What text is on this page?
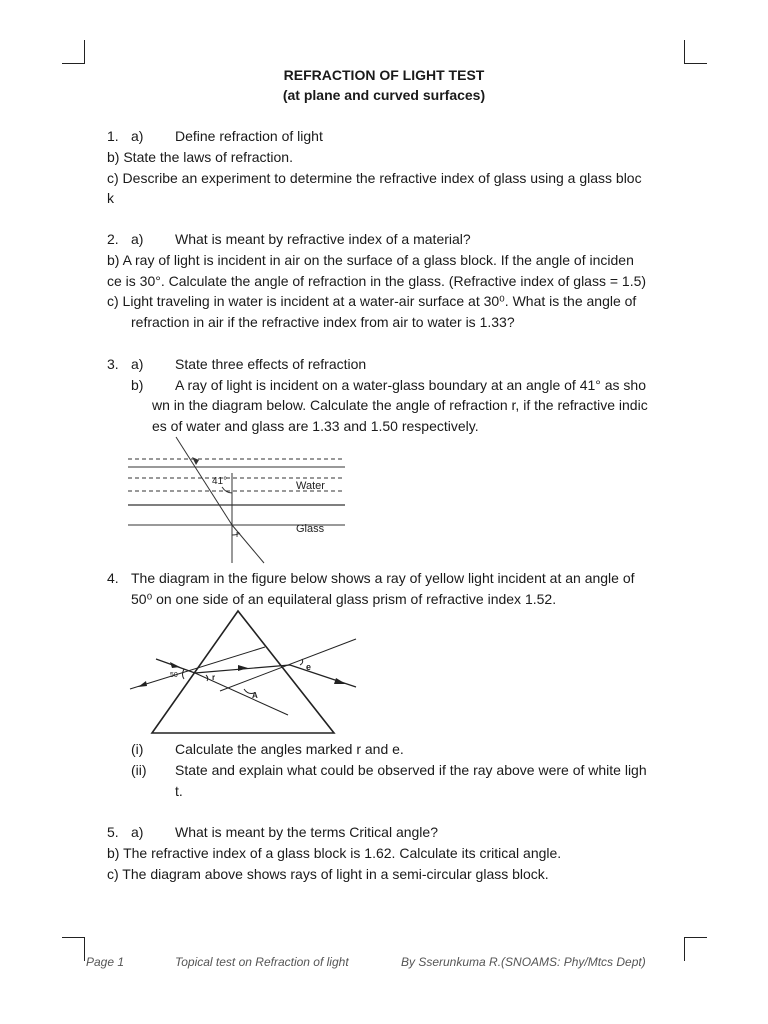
REFRACTION OF LIGHT TEST
(at plane and curved surfaces)
1. a) Define refraction of light
b) State the laws of refraction.
c) Describe an experiment to determine the refractive index of glass using a glass bloc
k
2. a) What is meant by refractive index of a material?
b) A ray of light is incident in air on the surface of a glass block. If the angle of inciden
ce is 30°. Calculate the angle of refraction in the glass. (Refractive index of glass = 1.5)
c) Light traveling in water is incident at a water-air surface at 30⁰. What is the angle of
refraction in air if the refractive index from air to water is 1.33?
3. a) State three effects of refraction
b) A ray of light is incident on a water-glass boundary at an angle of 41° as sho
wn in the diagram below. Calculate the angle of refraction r, if the refractive indic
es of water and glass are 1.33 and 1.50 respectively.
41°	Water
Glass
r
4. The diagram in the figure below shows a ray of yellow light incident at an angle of
50⁰ on one side of an equilateral glass prism of refractive index 1.52.
50	r
A
e
(i) Calculate the angles marked r and e.
(ii) State and explain what could be observed if the ray above were of white ligh
t.
5. a) What is meant by the terms Critical angle?
b) The refractive index of a glass block is 1.62. Calculate its critical angle.
c) The diagram above shows rays of light in a semi-circular glass block.
Page 1	Topical test on Refraction of light	By Sserunkuma R.(SNOAMS: Phy/Mtcs Dept)
